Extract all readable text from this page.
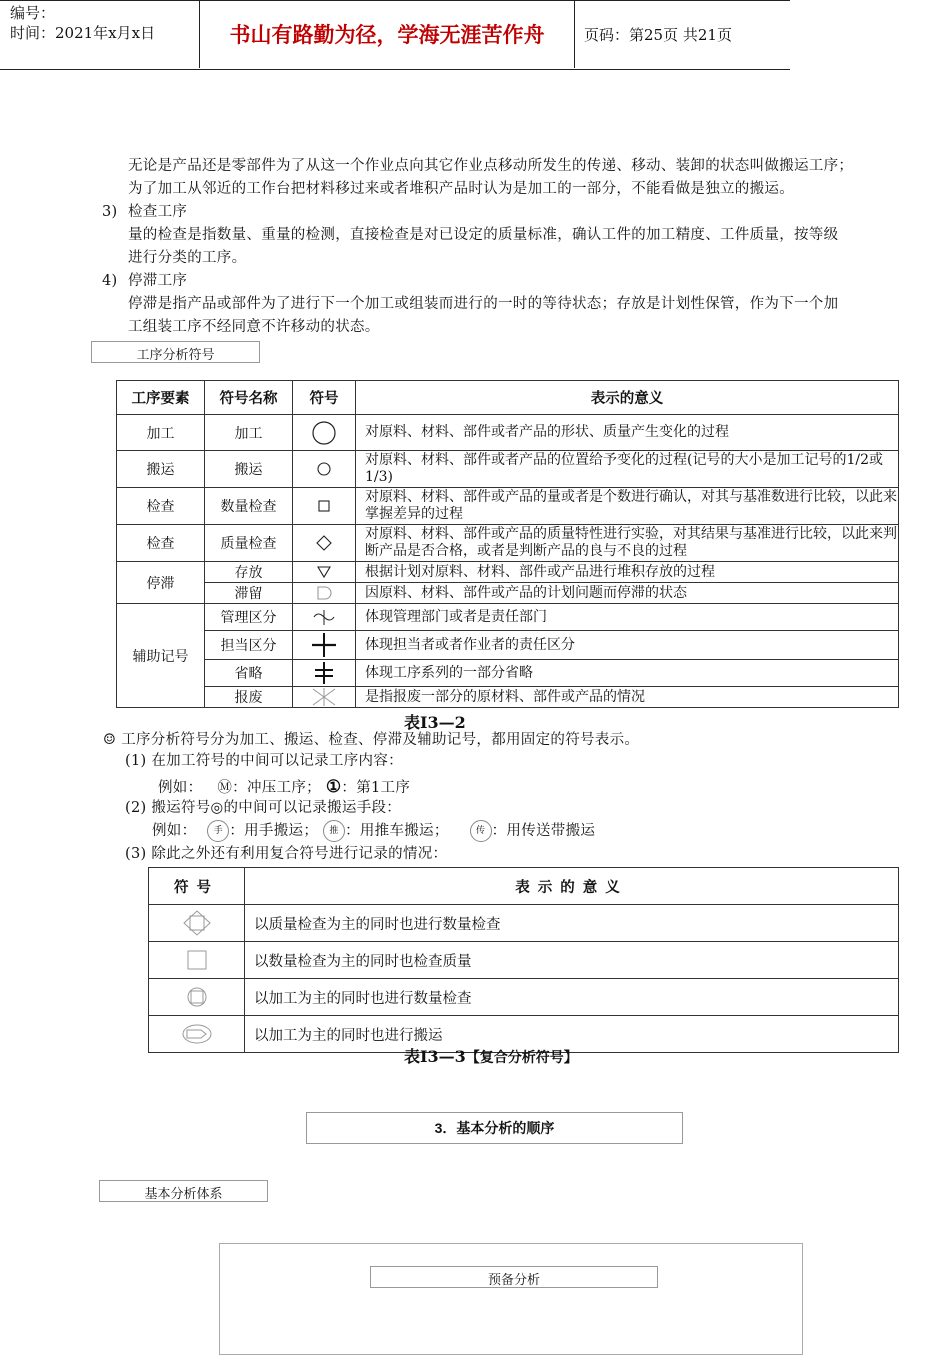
编号：
时间：2021年x月x日	书山有路勤为径，学海无涯苦作舟	页码：第25页 共21页
无论是产品还是零部件为了从这一个作业点向其它作业点移动所发生的传递、移动、装卸的状态叫做搬运工序；
为了加工从邻近的工作台把材料移过来或者堆积产品时认为是加工的一部分，不能看做是独立的搬运。
3) 检查工序
量的检查是指数量、重量的检测，直接检查是对已设定的质量标准，确认工件的加工精度、工件质量，按等级
进行分类的工序。
4) 停滞工序
停滞是指产品或部件为了进行下一个加工或组装而进行的一时的等待状态；存放是计划性保管，作为下一个加
工组装工序不经同意不许移动的状态。
工序分析符号
工序要素	符号名称	符号	表示的意义
加工	加工		对原料、材料、部件或者产品的形状、质量产生变化的过程
搬运	搬运		对原料、材料、部件或者产品的位置给予变化的过程(记号的大小是加工记号的1/2或1/3)
检查	数量检查		对原料、材料、部件或产品的量或者是个数进行确认，对其与基准数进行比较，以此来掌握差异的过程
检查	质量检查		对原料、材料、部件或产品的质量特性进行实验，对其结果与基准进行比较，以此来判断产品是否合格，或者是判断产品的良与不良的过程
停滞	存放		根据计划对原料、材料、部件或产品进行堆积存放的过程
	滞留		因原料、材料、部件或产品的计划问题而停滞的状态
辅助记号	管理区分		体现管理部门或者是责任部门
	担当区分		体现担当者或者作业者的责任区分
	省略		体现工序系列的一部分省略
	报废		是指报废一部分的原材料、部件或产品的情况
表I3—2
☺ 工序分析符号分为加工、搬运、检查、停滞及辅助记号，都用固定的符号表示。
(1) 在加工符号的中间可以记录工序内容：
例如： Ⓜ：冲压工序； ①：第1工序
(2) 搬运符号◎的中间可以记录搬运手段：
例如： 手 ：用手搬运； 推 ：用推车搬运；	传 ：用传送带搬运
(3) 除此之外还有利用复合符号进行记录的情况：
符号	表示的意义
	以质量检查为主的同时也进行数量检查
	以数量检查为主的同时也检查质量
	以加工为主的同时也进行数量检查
	以加工为主的同时也进行搬运
表I3—3【复合分析符号】
3．基本分析的顺序
基本分析体系
预备分析
